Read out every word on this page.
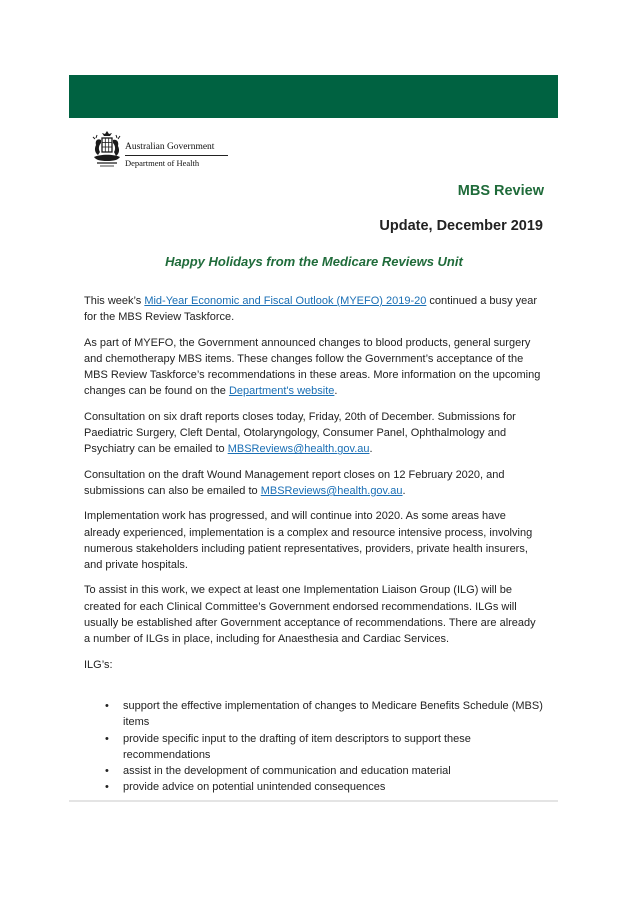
Australian Government
Department of Health
MBS Review
Update, December 2019
Happy Holidays from the Medicare Reviews Unit

This week’s Mid-Year Economic and Fiscal Outlook (MYEFO) 2019-20 continued a busy year for the MBS Review Taskforce.

As part of MYEFO, the Government announced changes to blood products, general surgery and chemotherapy MBS items. These changes follow the Government’s acceptance of the MBS Review Taskforce’s recommendations in these areas. More information on the upcoming changes can be found on the Department's website.

Consultation on six draft reports closes today, Friday, 20th of December. Submissions for Paediatric Surgery, Cleft Dental, Otolaryngology, Consumer Panel, Ophthalmology and Psychiatry can be emailed to MBSReviews@health.gov.au.

Consultation on the draft Wound Management report closes on 12 February 2020, and submissions can also be emailed to MBSReviews@health.gov.au.

Implementation work has progressed, and will continue into 2020. As some areas have already experienced, implementation is a complex and resource intensive process, involving numerous stakeholders including patient representatives, providers, private health insurers, and private hospitals.

To assist in this work, we expect at least one Implementation Liaison Group (ILG) will be created for each Clinical Committee’s Government endorsed recommendations. ILGs will usually be established after Government acceptance of recommendations. There are already a number of ILGs in place, including for Anaesthesia and Cardiac Services.

ILG’s:

• support the effective implementation of changes to Medicare Benefits Schedule (MBS) items
• provide specific input to the drafting of item descriptors to support these recommendations
• assist in the development of communication and education material
• provide advice on potential unintended consequences
